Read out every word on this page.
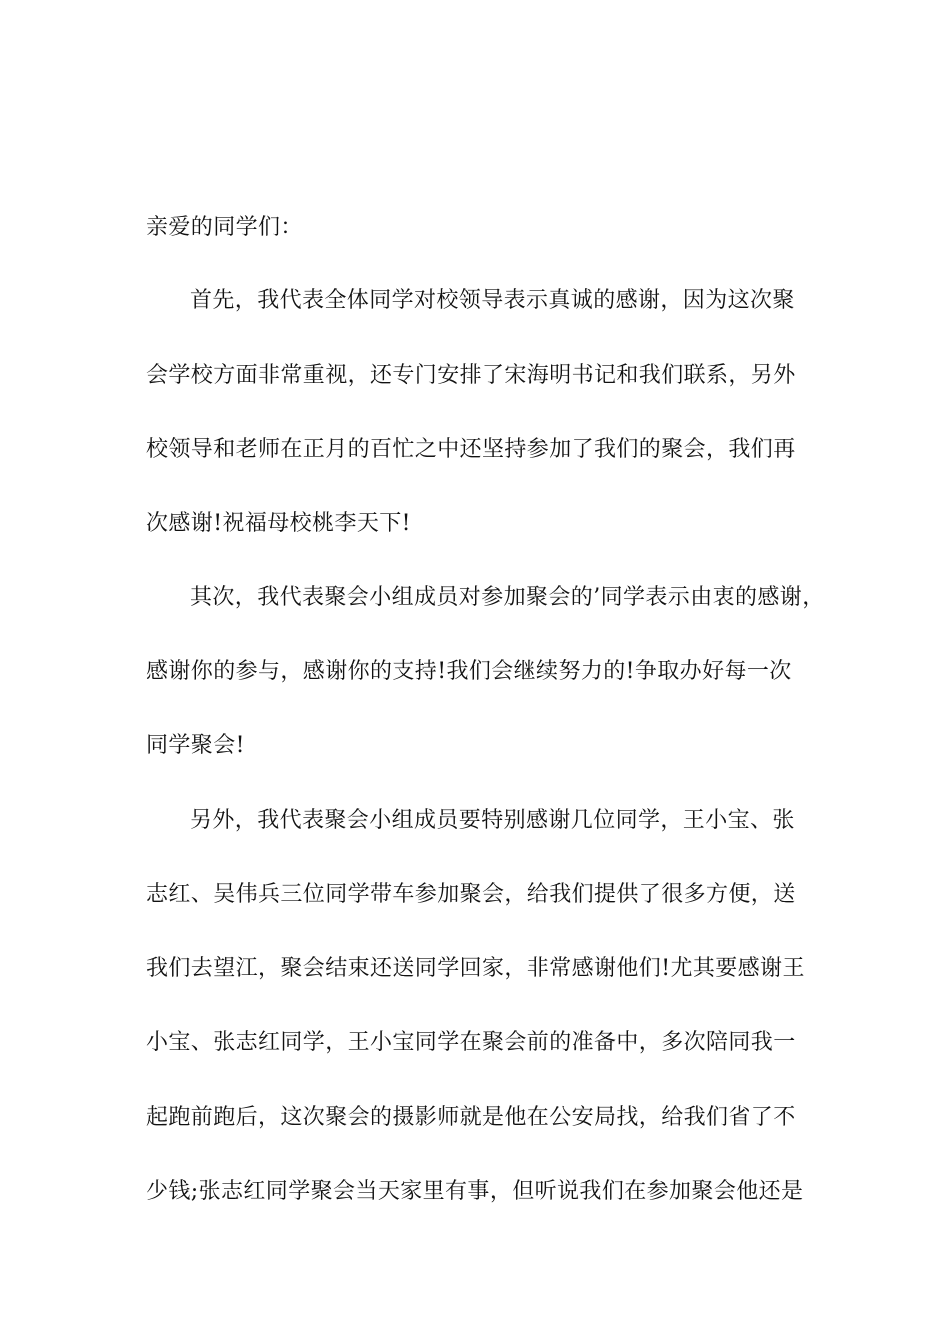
亲爱的同学们：
首先，我代表全体同学对校领导表示真诚的感谢，因为这次聚
会学校方面非常重视，还专门安排了宋海明书记和我们联系，另外
校领导和老师在正月的百忙之中还坚持参加了我们的聚会，我们再
次感谢!祝福母校桃李天下!
其次，我代表聚会小组成员对参加聚会的’同学表示由衷的感谢，
感谢你的参与，感谢你的支持!我们会继续努力的!争取办好每一次
同学聚会!
另外，我代表聚会小组成员要特别感谢几位同学，王小宝、张
志红、吴伟兵三位同学带车参加聚会，给我们提供了很多方便，送
我们去望江，聚会结束还送同学回家，非常感谢他们!尤其要感谢王
小宝、张志红同学，王小宝同学在聚会前的准备中，多次陪同我一
起跑前跑后，这次聚会的摄影师就是他在公安局找，给我们省了不
少钱;张志红同学聚会当天家里有事，但听说我们在参加聚会他还是
